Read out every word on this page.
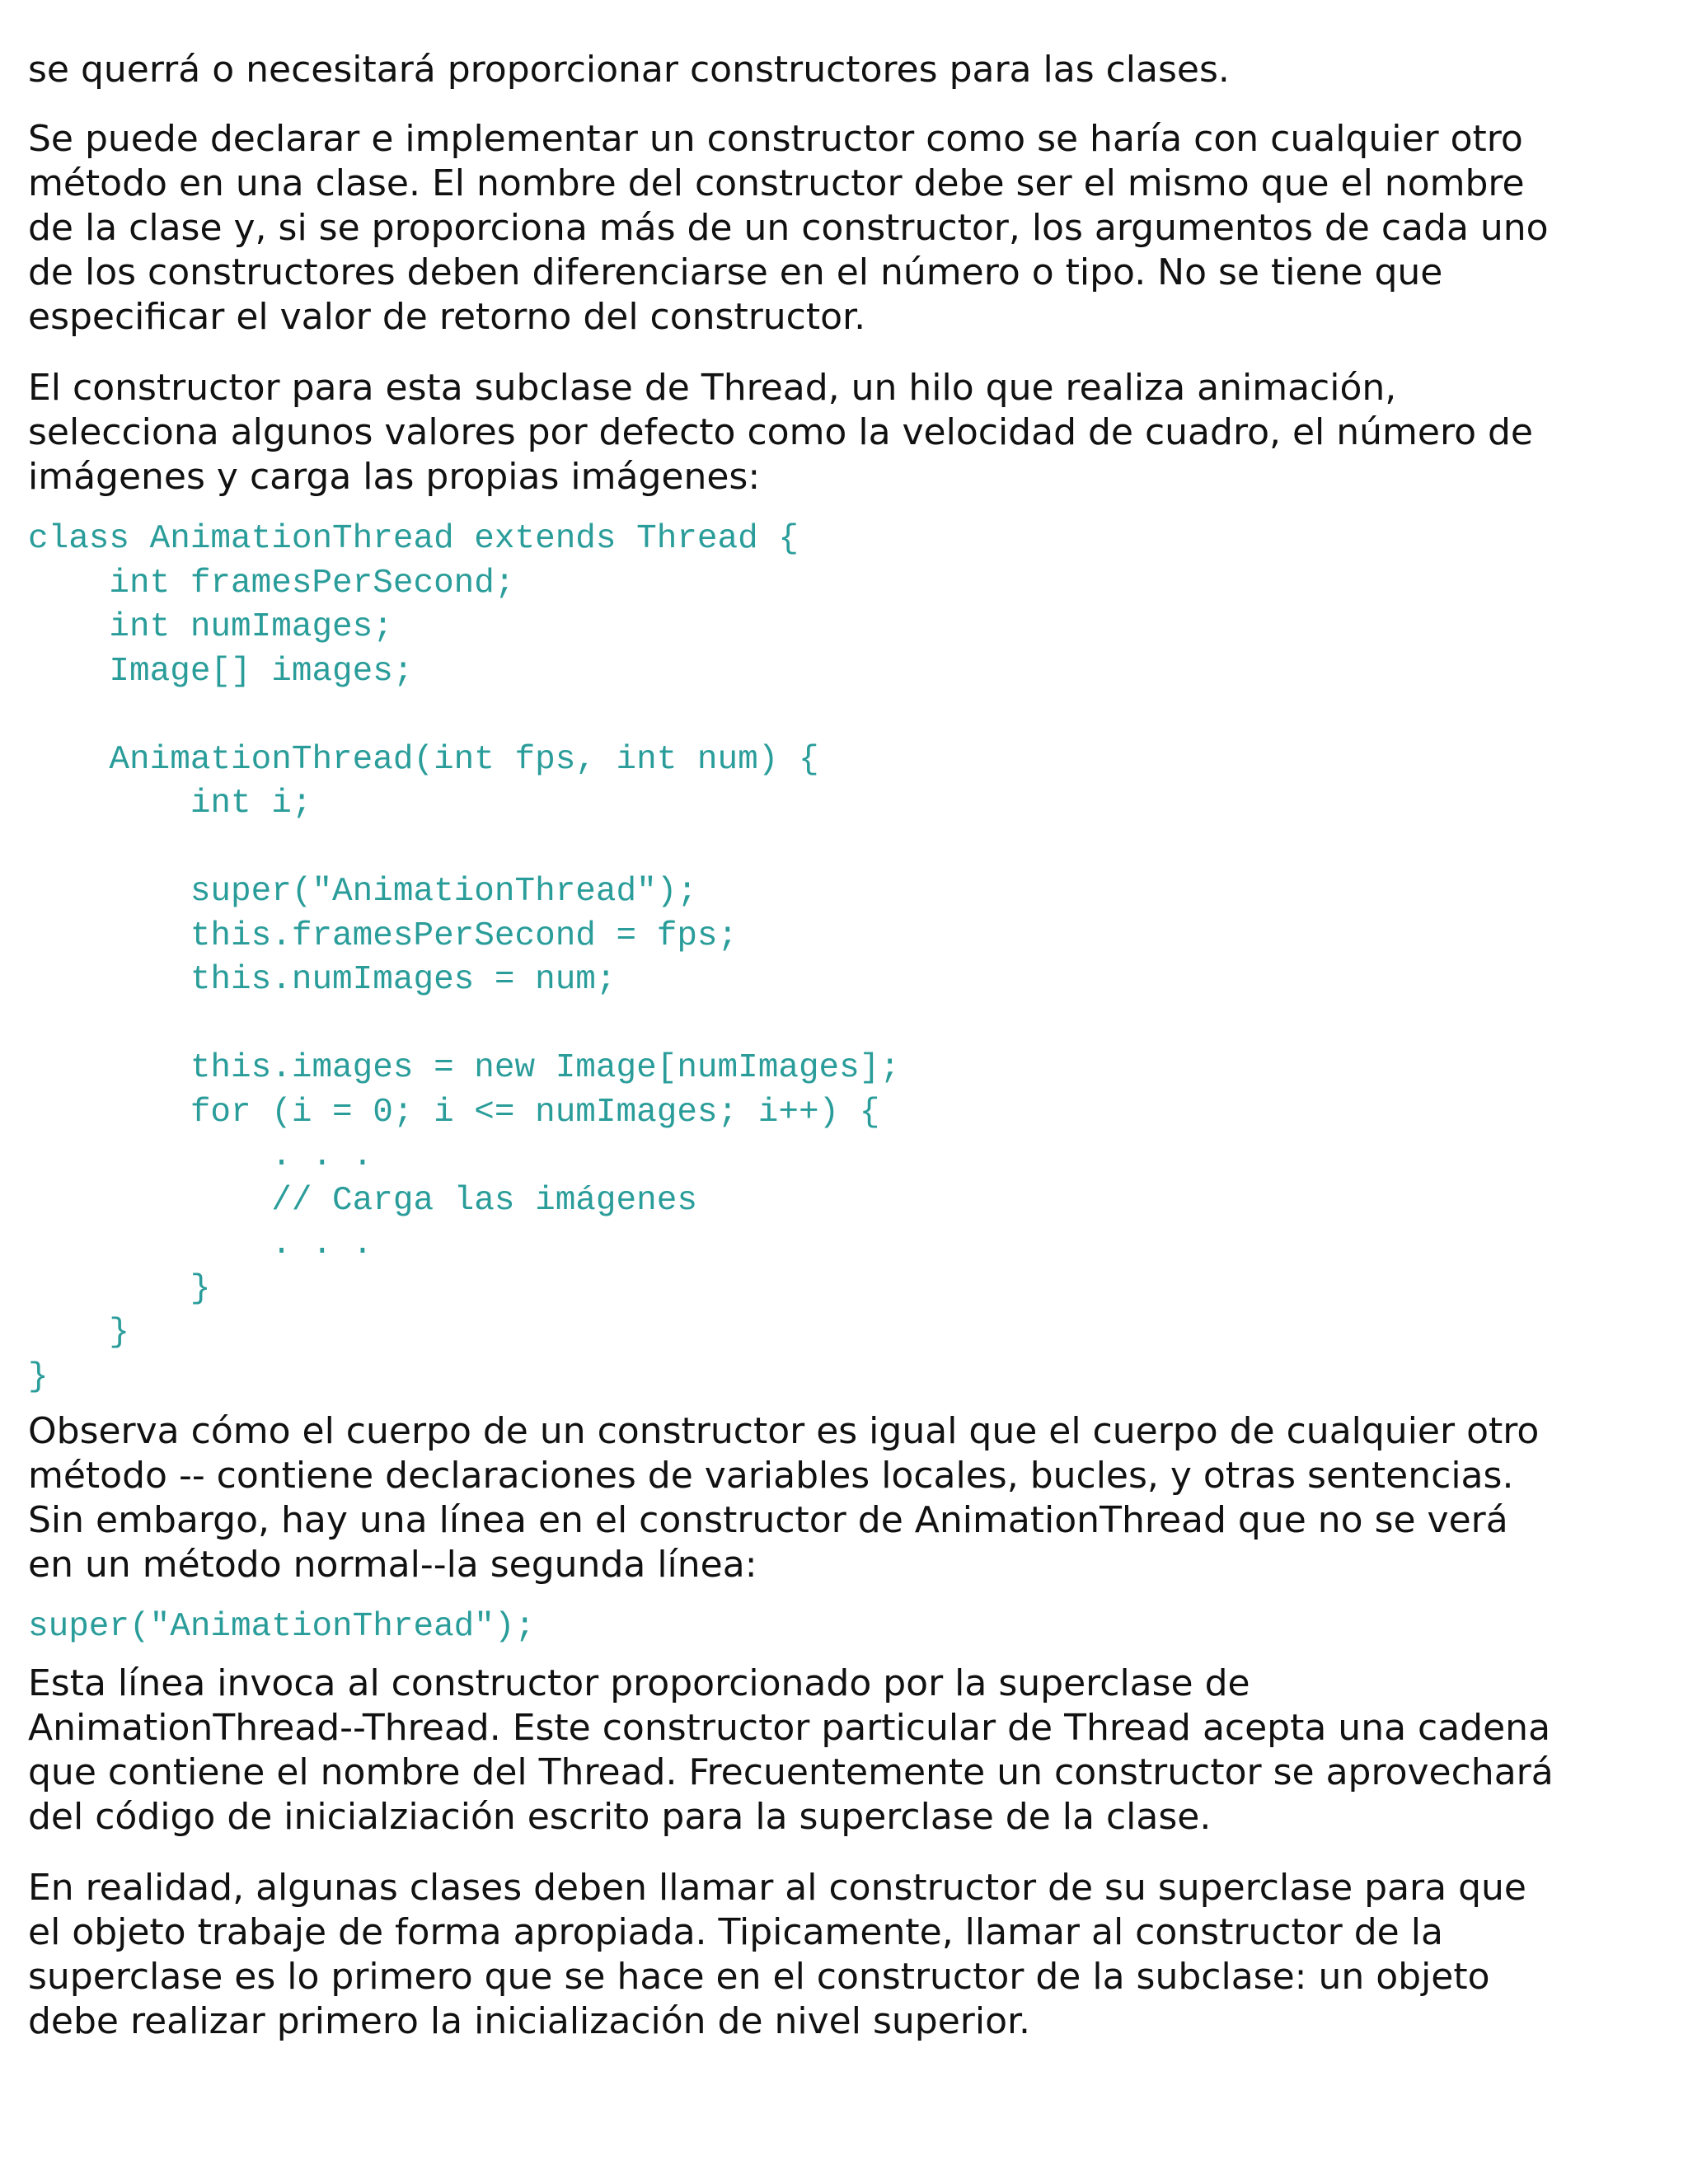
se querrá o necesitará proporcionar constructores para las clases.

Se puede declarar e implementar un constructor como se haría con cualquier otro
método en una clase. El nombre del constructor debe ser el mismo que el nombre
de la clase y, si se proporciona más de un constructor, los argumentos de cada uno
de los constructores deben diferenciarse en el número o tipo. No se tiene que
especificar el valor de retorno del constructor.

El constructor para esta subclase de Thread, un hilo que realiza animación,
selecciona algunos valores por defecto como la velocidad de cuadro, el número de
imágenes y carga las propias imágenes:

class AnimationThread extends Thread {
int framesPerSecond;
int numImages;
Image[] images;

AnimationThread(int fps, int num) {
int i;

super("AnimationThread");
this.framesPerSecond = fps;
this.numImages = num;

this.images = new Image[numImages];
for (i = 0; i <= numImages; i++) {
. . .
// Carga las imágenes
. . .
}
}
}

Observa cómo el cuerpo de un constructor es igual que el cuerpo de cualquier otro
método -- contiene declaraciones de variables locales, bucles, y otras sentencias.
Sin embargo, hay una línea en el constructor de AnimationThread que no se verá
en un método normal--la segunda línea:

super("AnimationThread");

Esta línea invoca al constructor proporcionado por la superclase de
AnimationThread--Thread. Este constructor particular de Thread acepta una cadena
que contiene el nombre del Thread. Frecuentemente un constructor se aprovechará
del código de inicialziación escrito para la superclase de la clase.

En realidad, algunas clases deben llamar al constructor de su superclase para que
el objeto trabaje de forma apropiada. Tipicamente, llamar al constructor de la
superclase es lo primero que se hace en el constructor de la subclase: un objeto
debe realizar primero la inicialización de nivel superior.
